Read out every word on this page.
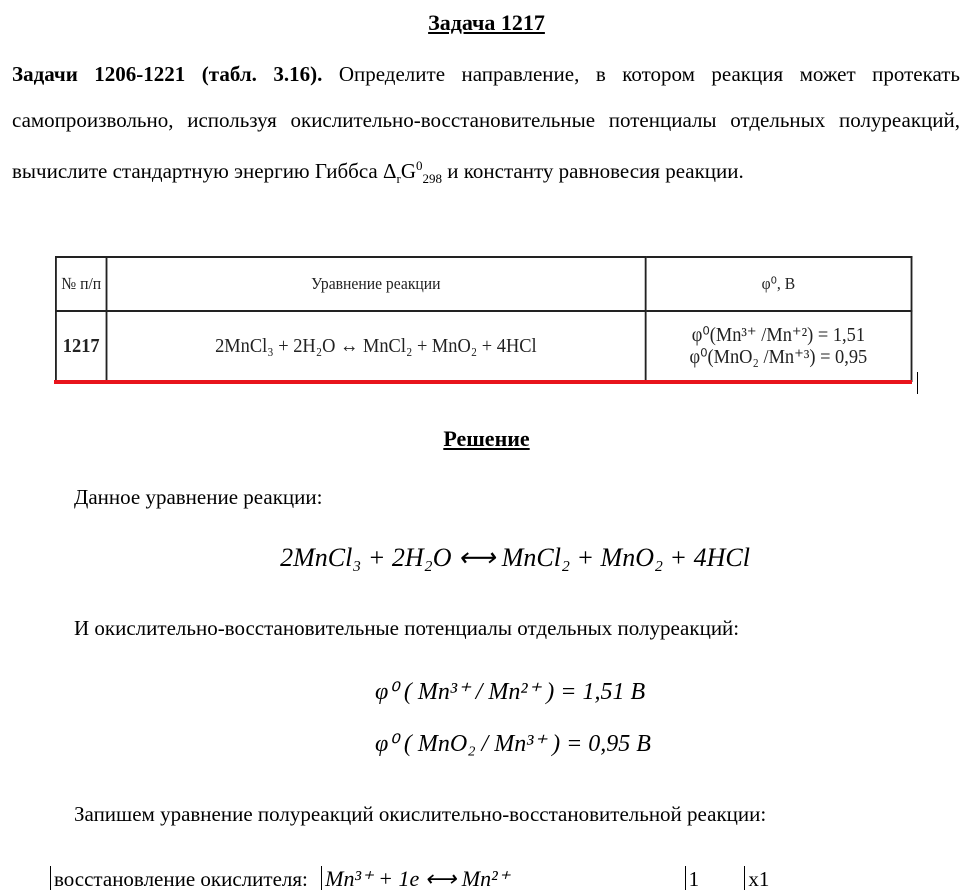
Задача 1217
Задачи 1206-1221 (табл. 3.16). Определите направление, в котором реакция может протекать самопроизвольно, используя окислительно-восстановительные потенциалы отдельных полуреакций, вычислите стандартную энергию Гиббса $\Delta_rG^0_{298}$ и константу равновесия реакции.
№ п/п	Уравнение реакции	φ⁰, В
1217	2MnCl₃ + 2H₂O ↔ MnCl₂ + MnO₂ + 4HCl	φ⁰(Mn³⁺ /Mn⁺²) = 1,51
φ⁰(MnO₂ /Mn⁺³) = 0,95
Решение
Данное уравнение реакции:
2MnCl₃ + 2H₂O ⟷ MnCl₂ + MnO₂ + 4HCl
И окислительно-восстановительные потенциалы отдельных полуреакций:
φ⁰ ( Mn³⁺ / Mn²⁺ ) = 1,51 В
φ⁰ ( MnO₂ / Mn³⁺ ) = 0,95 В
Запишем уравнение полуреакций окислительно-восстановительной реакции:
восстановление окислителя: Mn³⁺ + 1e ⟷ Mn²⁺	1 x1
